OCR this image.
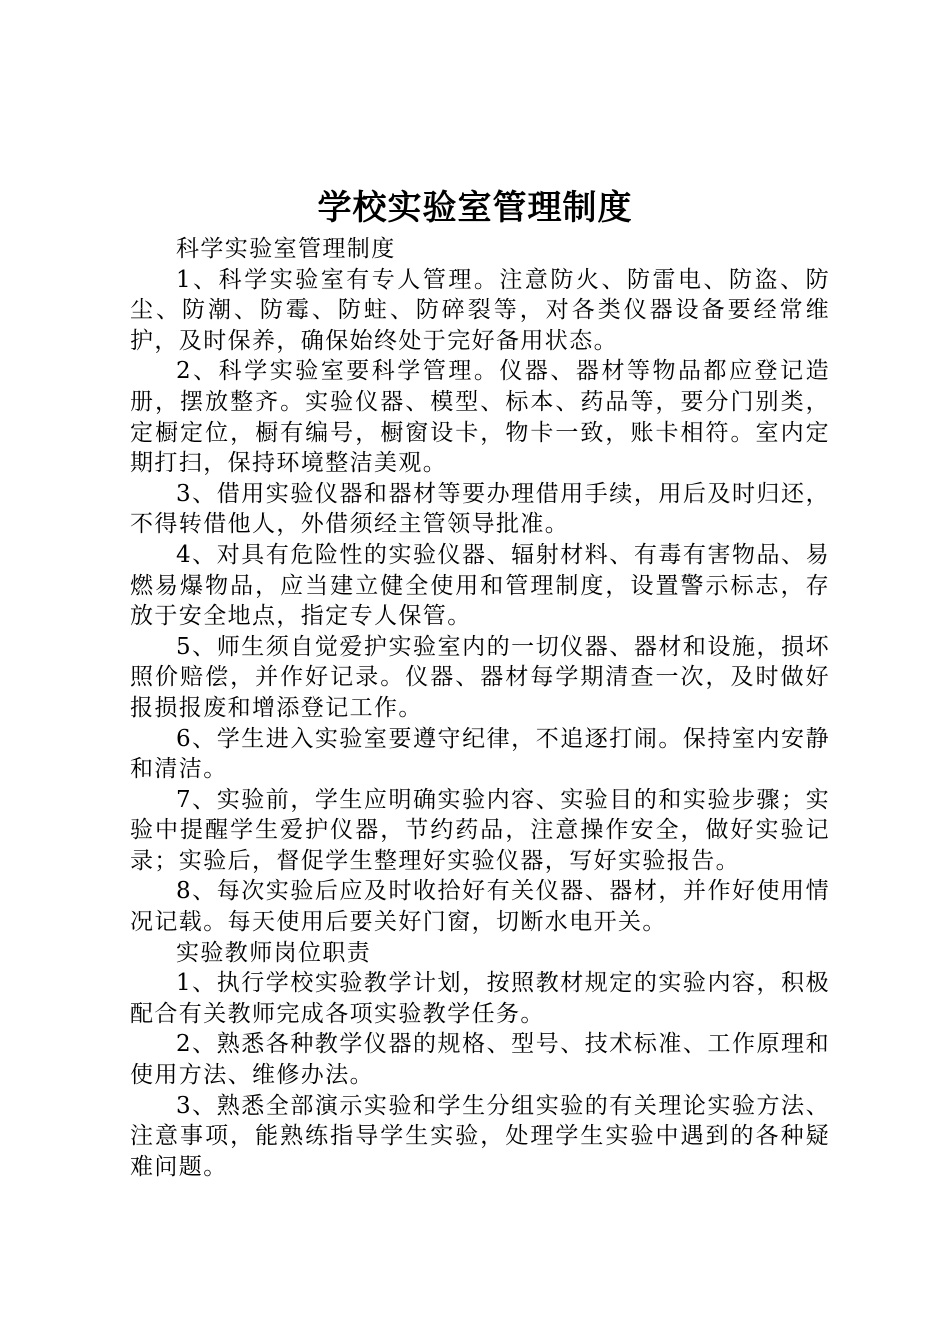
学校实验室管理制度

科学实验室管理制度

1、科学实验室有专人管理。注意防火、防雷电、防盗、防尘、防潮、防霉、防蛀、防碎裂等，对各类仪器设备要经常维护，及时保养，确保始终处于完好备用状态。

2、科学实验室要科学管理。仪器、器材等物品都应登记造册，摆放整齐。实验仪器、模型、标本、药品等，要分门别类，定橱定位，橱有编号，橱窗设卡，物卡一致，账卡相符。室内定期打扫，保持环境整洁美观。

3、借用实验仪器和器材等要办理借用手续，用后及时归还，不得转借他人，外借须经主管领导批准。

4、对具有危险性的实验仪器、辐射材料、有毒有害物品、易燃易爆物品，应当建立健全使用和管理制度，设置警示标志，存放于安全地点，指定专人保管。

5、师生须自觉爱护实验室内的一切仪器、器材和设施，损坏照价赔偿，并作好记录。仪器、器材每学期清查一次，及时做好报损报废和增添登记工作。

6、学生进入实验室要遵守纪律，不追逐打闹。保持室内安静和清洁。

7、实验前，学生应明确实验内容、实验目的和实验步骤；实验中提醒学生爱护仪器，节约药品，注意操作安全，做好实验记录；实验后，督促学生整理好实验仪器，写好实验报告。

8、每次实验后应及时收拾好有关仪器、器材，并作好使用情况记载。每天使用后要关好门窗，切断水电开关。

实验教师岗位职责

1、执行学校实验教学计划，按照教材规定的实验内容，积极配合有关教师完成各项实验教学任务。

2、熟悉各种教学仪器的规格、型号、技术标准、工作原理和使用方法、维修办法。

3、熟悉全部演示实验和学生分组实验的有关理论实验方法、注意事项，能熟练指导学生实验，处理学生实验中遇到的各种疑难问题。
